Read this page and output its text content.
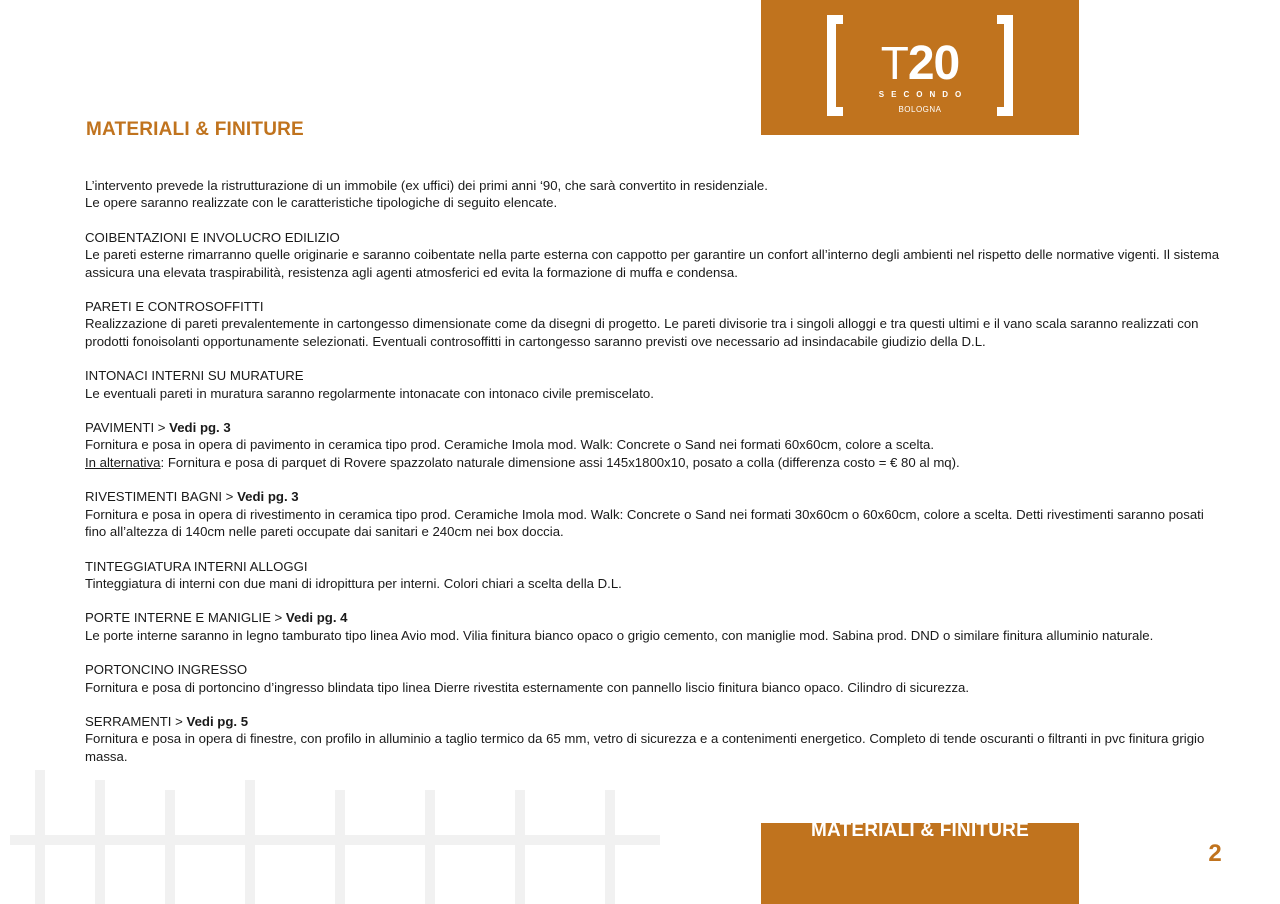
T20
SECONDO
BOLOGNA
MATERIALI & FINITURE

L’intervento prevede la ristrutturazione di un immobile (ex uffici) dei primi anni ‘90, che sarà convertito in residenziale.

Le opere saranno realizzate con le caratteristiche tipologiche di seguito elencate.

COIBENTAZIONI E INVOLUCRO EDILIZIO

Le pareti esterne rimarranno quelle originarie e saranno coibentate nella parte esterna con cappotto per garantire un confort all’interno degli ambienti nel rispetto delle normative vigenti. Il sistema assicura una elevata traspirabilità, resistenza agli agenti atmosferici ed evita la formazione di muffa e condensa.

PARETI E CONTROSOFFITTI

Realizzazione di pareti prevalentemente in cartongesso dimensionate come da disegni di progetto. Le pareti divisorie tra i singoli alloggi e tra questi ultimi e il vano scala saranno realizzati con prodotti fonoisolanti opportunamente selezionati. Eventuali controsoffitti in cartongesso saranno previsti ove necessario ad insindacabile giudizio della D.L.

INTONACI INTERNI SU MURATURE

Le eventuali pareti in muratura saranno regolarmente intonacate con intonaco civile premiscelato.

PAVIMENTI > Vedi pg. 3

Fornitura e posa in opera di pavimento in ceramica tipo prod. Ceramiche Imola mod. Walk: Concrete o Sand nei formati 60x60cm, colore a scelta.

In alternativa: Fornitura e posa di parquet di Rovere spazzolato naturale dimensione assi 145x1800x10, posato a colla (differenza costo = € 80 al mq).

RIVESTIMENTI BAGNI > Vedi pg. 3

Fornitura e posa in opera di rivestimento in ceramica tipo prod. Ceramiche Imola mod. Walk: Concrete o Sand nei formati 30x60cm o 60x60cm, colore a scelta. Detti rivestimenti saranno posati fino all’altezza di 140cm nelle pareti occupate dai sanitari e 240cm nei box doccia.

TINTEGGIATURA INTERNI ALLOGGI

Tinteggiatura di interni con due mani di idropittura per interni. Colori chiari a scelta della D.L.

PORTE INTERNE E MANIGLIE > Vedi pg. 4

Le porte interne saranno in legno tamburato tipo linea Avio mod. Vilia finitura bianco opaco o grigio cemento, con maniglie mod. Sabina prod. DND o similare finitura alluminio naturale.

PORTONCINO INGRESSO

Fornitura e posa di portoncino d’ingresso blindata tipo linea Dierre rivestita esternamente con pannello liscio finitura bianco opaco. Cilindro di sicurezza.

SERRAMENTI > Vedi pg. 5

Fornitura e posa in opera di finestre, con profilo in alluminio a taglio termico da 65 mm, vetro di sicurezza e a contenimenti energetico. Completo di tende oscuranti o filtranti in pvc finitura grigio massa.

MATERIALI & FINITURE
2
